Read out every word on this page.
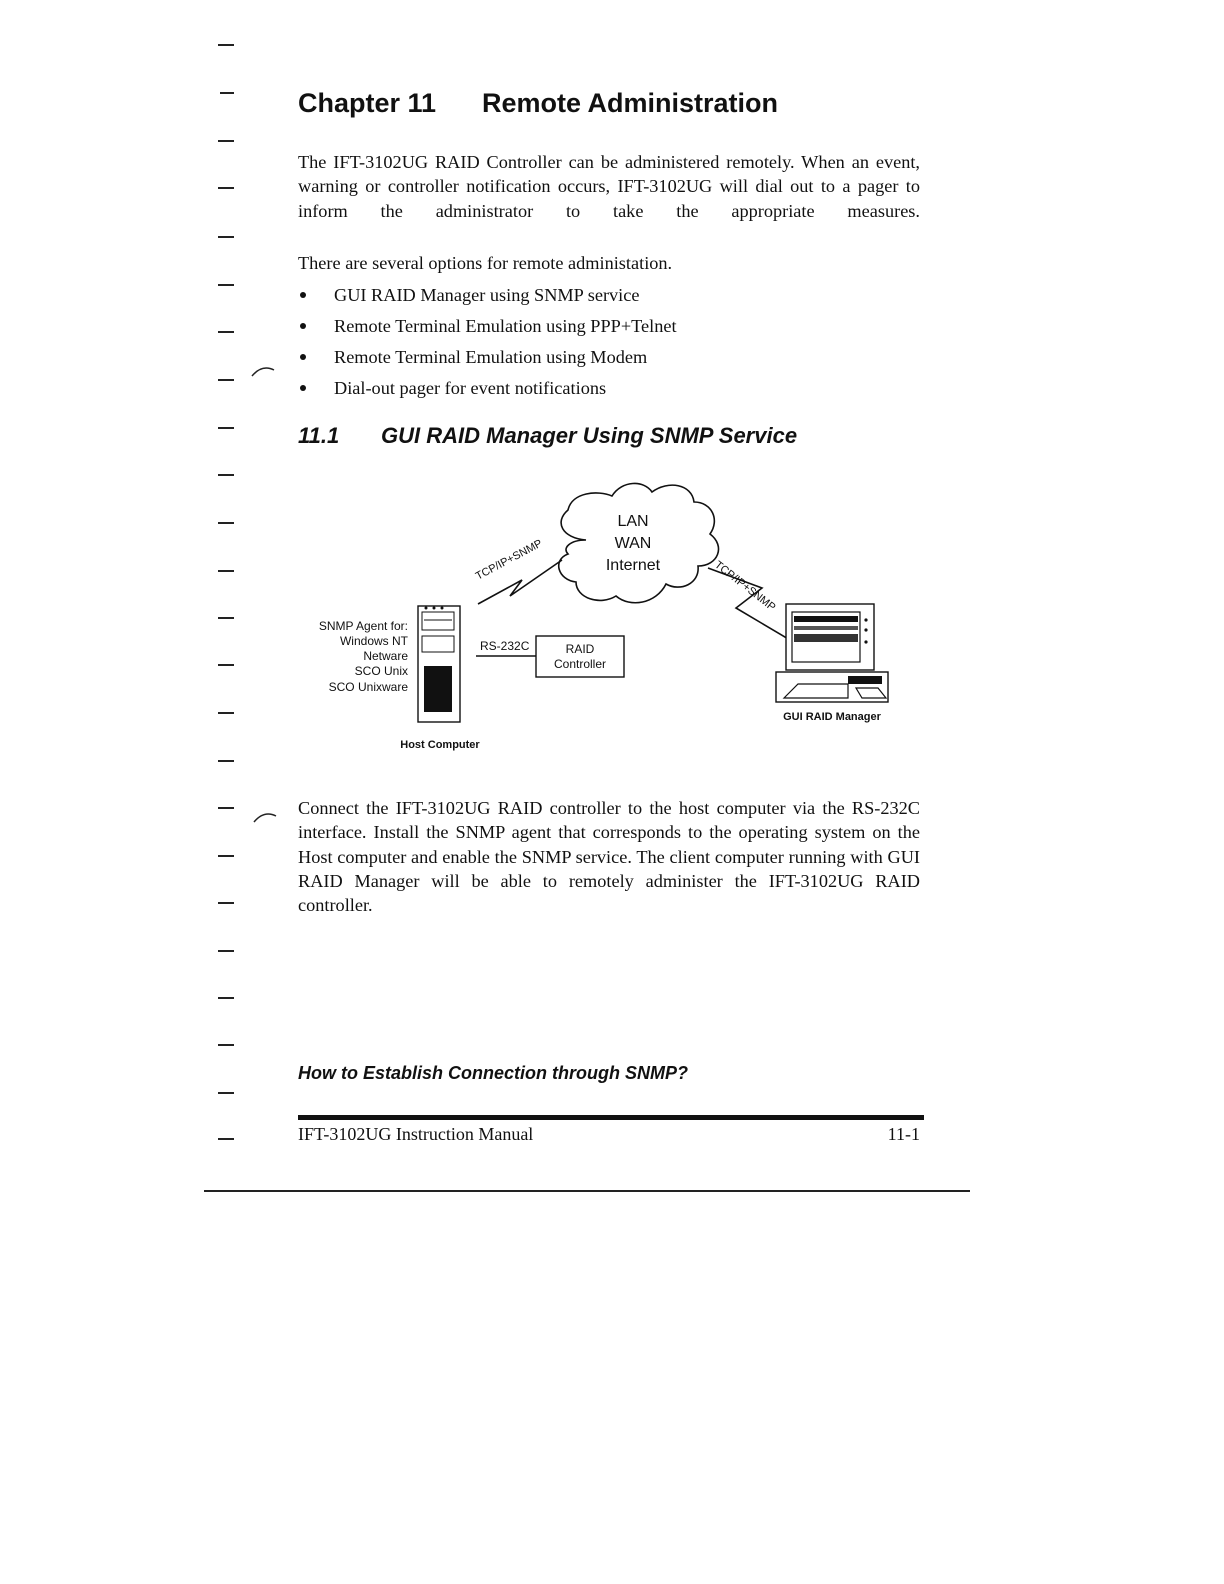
Chapter 11 Remote Administration

The IFT-3102UG RAID Controller can be administered remotely. When an event, warning or controller notification occurs, IFT-3102UG will dial out to a pager to inform the administrator to take the appropriate measures.

There are several options for remote administation.

GUI RAID Manager using SNMP service
Remote Terminal Emulation using PPP+Telnet
Remote Terminal Emulation using Modem
Dial-out pager for event notifications
11.1 GUI RAID Manager Using SNMP Service
LAN
WAN
Internet
TCP/IP+SNMP	TCP/IP+SNMP
SNMP Agent for:
Windows NT
Netware
SCO Unix
SCO Unixware
RS-232C	RAID
Controller
Host Computer
GUI RAID Manager

Connect the IFT-3102UG RAID controller to the host computer via the RS-232C interface. Install the SNMP agent that corresponds to the operating system on the Host computer and enable the SNMP service. The client computer running with GUI RAID Manager will be able to remotely administer the IFT-3102UG RAID controller.

How to Establish Connection through SNMP?

IFT-3102UG Instruction Manual	11-1
